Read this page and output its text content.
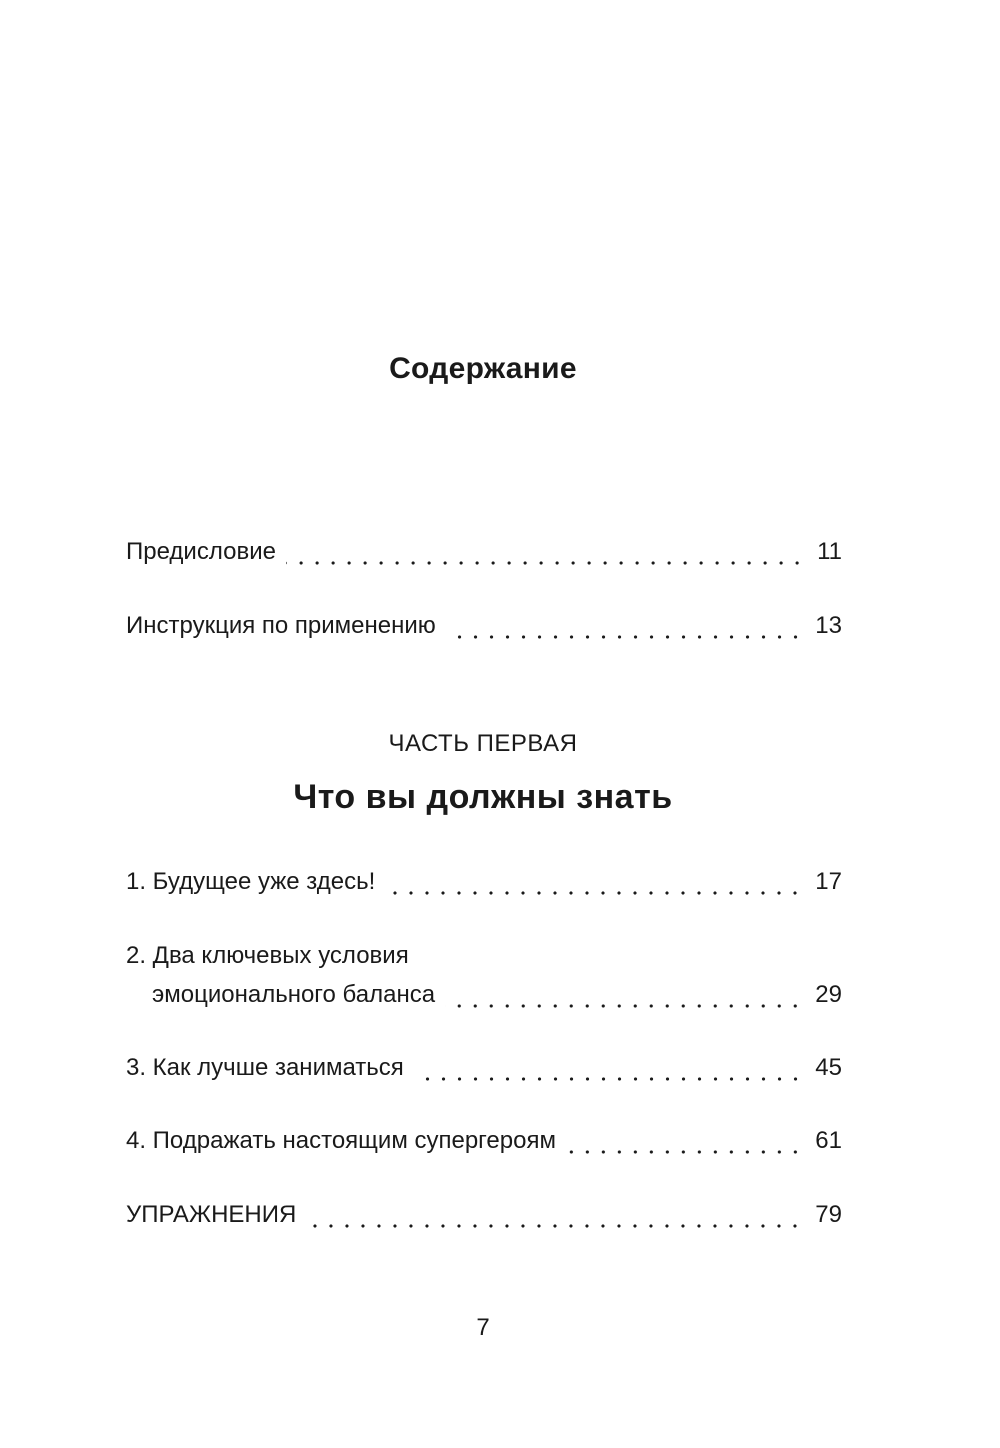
Содержание
Предисловие	11
Инструкция по применению	13
ЧАСТЬ ПЕРВАЯ
Что вы должны знать
1. Будущее уже здесь!	17
2. Два ключевых условия
эмоционального баланса	29
3. Как лучше заниматься	45
4. Подражать настоящим супергероям	61
УПРАЖНЕНИЯ	79
7
